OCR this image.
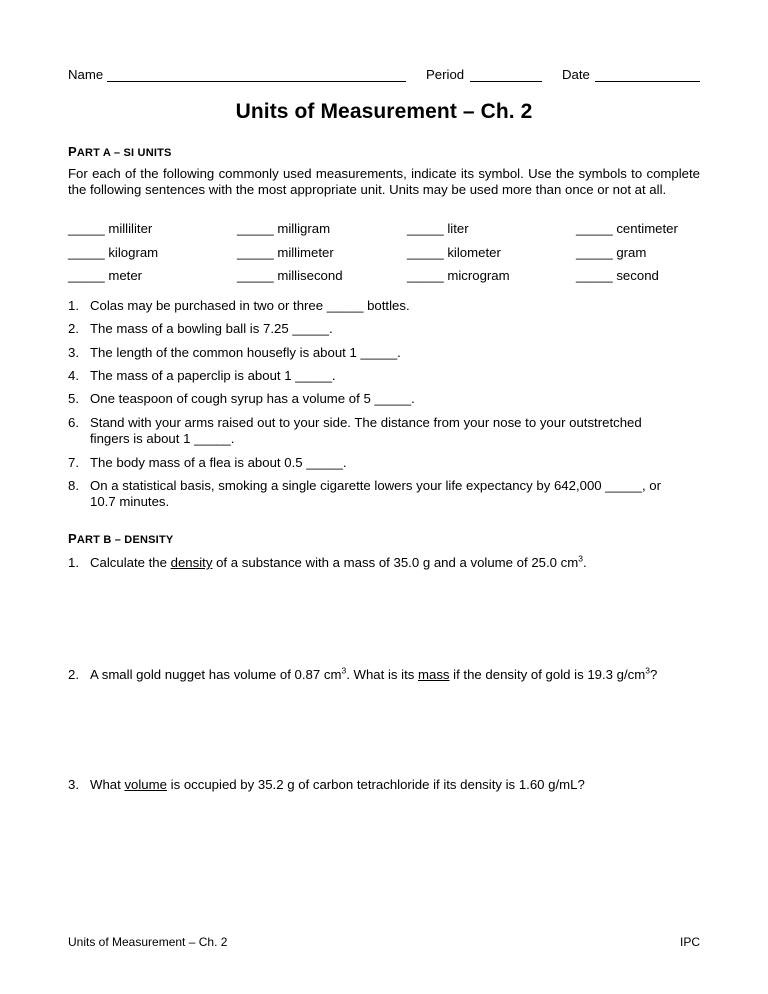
Name	Period	Date
Units of Measurement – Ch. 2
PART A – SI UNITS
For each of the following commonly used measurements, indicate its symbol. Use the symbols to complete the following sentences with the most appropriate unit. Units may be used more than once or not at all.
_____ milliliter	_____ milligram	_____ liter	_____ centimeter
_____ kilogram	_____ millimeter	_____ kilometer	_____ gram
_____ meter	_____ millisecond	_____ microgram	_____ second
1. Colas may be purchased in two or three _____ bottles.
2. The mass of a bowling ball is 7.25 _____.
3. The length of the common housefly is about 1 _____.
4. The mass of a paperclip is about 1 _____.
5. One teaspoon of cough syrup has a volume of 5 _____.
6. Stand with your arms raised out to your side. The distance from your nose to your outstretched
fingers is about 1 _____.
7. The body mass of a flea is about 0.5 _____.
8. On a statistical basis, smoking a single cigarette lowers your life expectancy by 642,000 _____, or
10.7 minutes.
PART B – DENSITY
1. Calculate the density of a substance with a mass of 35.0 g and a volume of 25.0 $cm^3$.
2. A small gold nugget has volume of 0.87 $cm^3$. What is its mass if the density of gold is 19.3 $g/cm^3$?
3. What volume is occupied by 35.2 g of carbon tetrachloride if its density is 1.60 g/mL?
Units of Measurement – Ch. 2	IPC
